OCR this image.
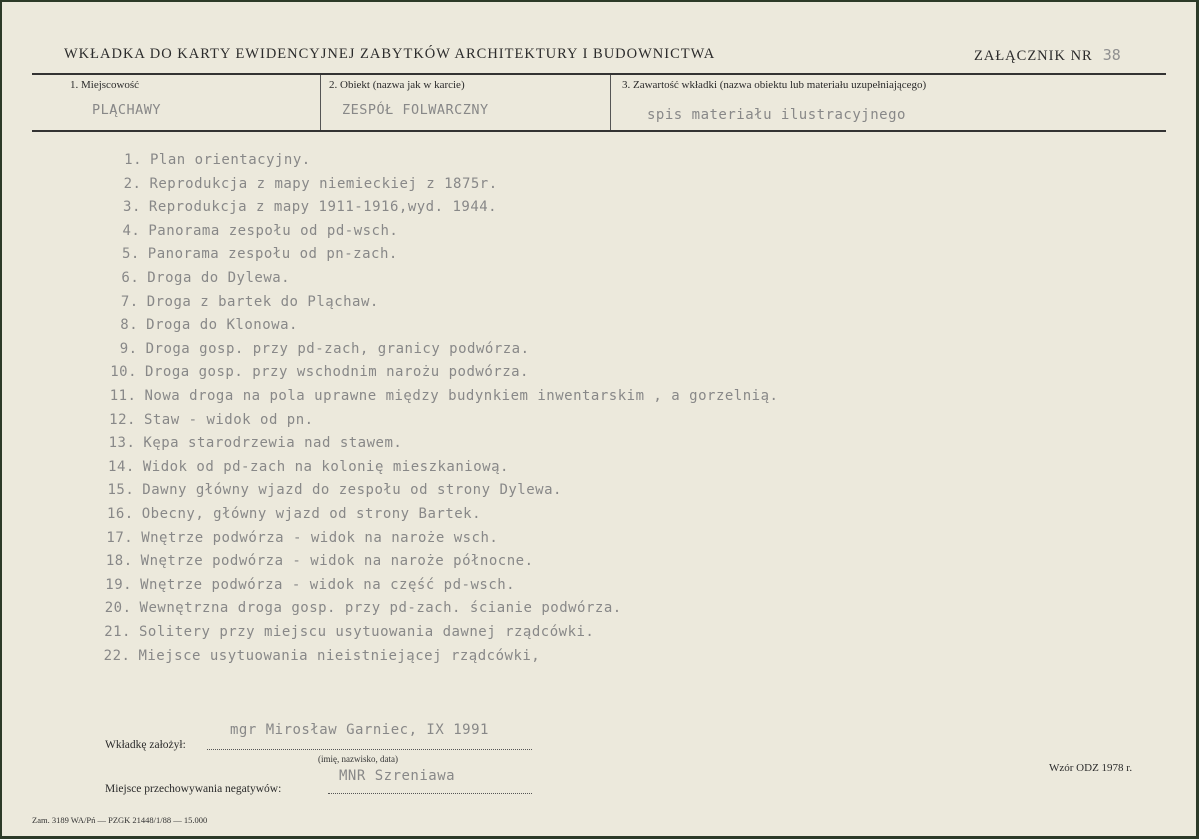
WKŁADKA DO KARTY EWIDENCYJNEJ ZABYTKÓW ARCHITEKTURY I BUDOWNICTWA	ZAŁĄCZNIK NR 38
1. Miejscowość
PLĄCHAWY
2. Obiekt (nazwa jak w karcie)
ZESPÓŁ FOLWARCZNY
3. Zawartość wkładki (nazwa obiektu lub materiału uzupełniającego)
spis materiału ilustracyjnego
1. Plan orientacyjny.
2. Reprodukcja z mapy niemieckiej z 1875r.
3. Reprodukcja z mapy 1911-1916,wyd. 1944.
4. Panorama zespołu od pd-wsch.
5. Panorama zespołu od pn-zach.
6. Droga do Dylewa.
7. Droga z bartek do Pląchaw.
8. Droga do Klonowa.
9. Droga gosp. przy pd-zach, granicy podwórza.
10. Droga gosp. przy wschodnim narożu podwórza.
11. Nowa droga na pola uprawne między budynkiem inwentarskim , a gorzelnią.
12. Staw - widok od pn.
13. Kępa starodrzewia nad stawem.
14. Widok od pd-zach na kolonię mieszkaniową.
15. Dawny główny wjazd do zespołu od strony Dylewa.
16. Obecny, główny wjazd od strony Bartek.
17. Wnętrze podwórza - widok na naroże wsch.
18. Wnętrze podwórza - widok na naroże północne.
19. Wnętrze podwórza - widok na część pd-wsch.
20. Wewnętrzna droga gosp. przy pd-zach. ścianie podwórza.
21. Solitery przy miejscu usytuowania dawnej rządcówki.
22. Miejsce usytuowania nieistniejącej rządcówki,
Wkładkę założył:
mgr Mirosław Garniec, IX 1991
(imię, nazwisko, data)
Miejsce przechowywania negatywów:
MNR Szreniawa	Wzór ODZ 1978 r.
Zam. 3189 WA/Pń — PZGK 21448/1/88 — 15.000
